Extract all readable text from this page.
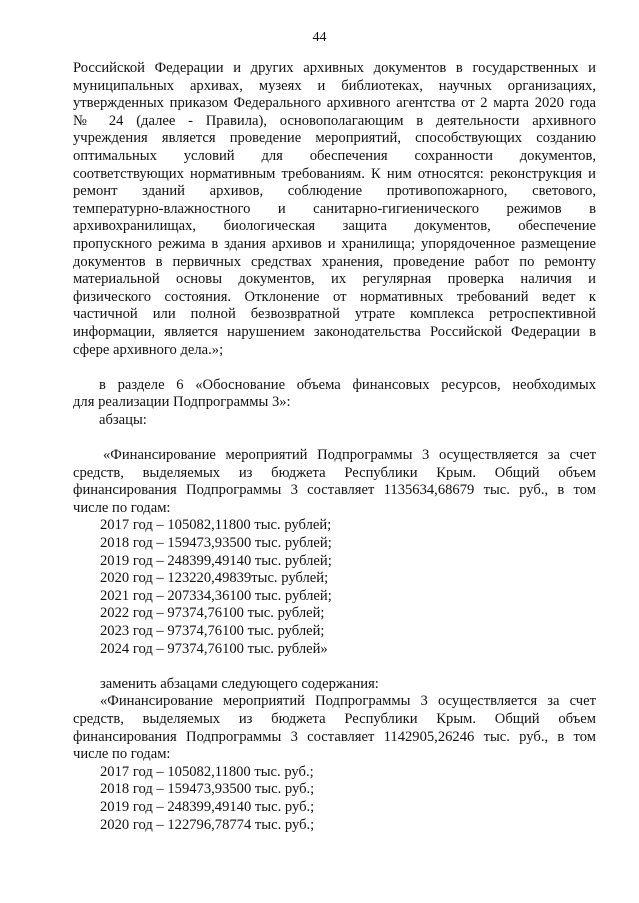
44
Российской Федерации и других архивных документов в государственных и
муниципальных архивах, музеях и библиотеках, научных организациях,
утвержденных приказом Федерального архивного агентства от 2 марта 2020 года
№ 24 (далее - Правила), основополагающим в деятельности архивного
учреждения является проведение мероприятий, способствующих созданию
оптимальных условий для обеспечения сохранности документов,
соответствующих нормативным требованиям. К ним относятся: реконструкция и
ремонт зданий архивов, соблюдение противопожарного, светового,
температурно-влажностного и санитарно-гигиенического режимов в
архивохранилищах, биологическая защита документов, обеспечение
пропускного режима в здания архивов и хранилища; упорядоченное размещение
документов в первичных средствах хранения, проведение работ по ремонту
материальной основы документов, их регулярная проверка наличия и
физического состояния. Отклонение от нормативных требований ведет к
частичной или полной безвозвратной утрате комплекса ретроспективной
информации, является нарушением законодательства Российской Федерации в
сфере архивного дела.»;
в разделе 6 «Обоснование объема финансовых ресурсов, необходимых
для реализации Подпрограммы 3»:
абзацы:
«Финансирование мероприятий Подпрограммы 3 осуществляется за счет
средств, выделяемых из бюджета Республики Крым. Общий объем
финансирования Подпрограммы 3 составляет 1135634,68679 тыс. руб., в том
числе по годам:
2017 год – 105082,11800 тыс. рублей;
2018 год – 159473,93500 тыс. рублей;
2019 год – 248399,49140 тыс. рублей;
2020 год – 123220,49839тыс. рублей;
2021 год – 207334,36100 тыс. рублей;
2022 год – 97374,76100 тыс. рублей;
2023 год – 97374,76100 тыс. рублей;
2024 год – 97374,76100 тыс. рублей»
заменить абзацами следующего содержания:
«Финансирование мероприятий Подпрограммы 3 осуществляется за счет
средств, выделяемых из бюджета Республики Крым. Общий объем
финансирования Подпрограммы 3 составляет 1142905,26246 тыс. руб., в том
числе по годам:
2017 год – 105082,11800 тыс. руб.;
2018 год – 159473,93500 тыс. руб.;
2019 год – 248399,49140 тыс. руб.;
2020 год – 122796,78774 тыс. руб.;
